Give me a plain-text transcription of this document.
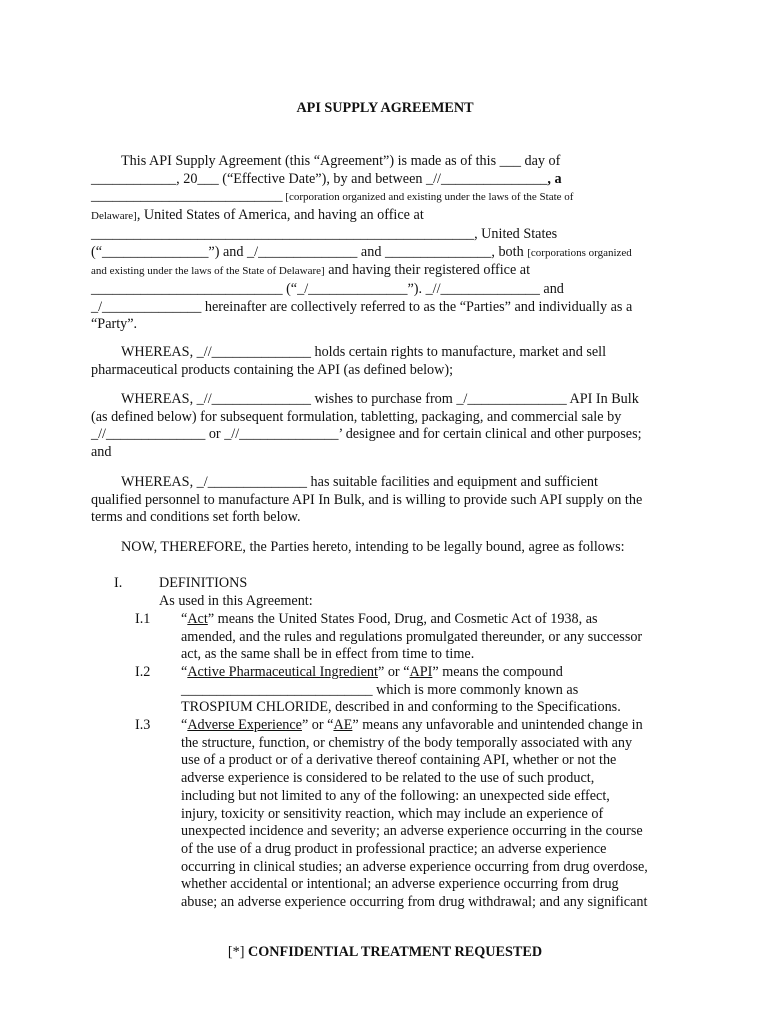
API SUPPLY AGREEMENT
This API Supply Agreement (this “Agreement”) is made as of this ___ day of
____________, 20___ (“Effective Date”), by and between _//_______________, a
___________________________ [corporation organized and existing under the laws of the State of
Delaware], United States of America, and having an office at
______________________________________________________, United States
(“_______________”) and _/______________ and _______________, both [corporations organized
and existing under the laws of the State of Delaware] and having their registered office at
___________________________ (“_/______________”). _//______________ and
_/______________ hereinafter are collectively referred to as the “Parties” and individually as a
“Party”.
WHEREAS, _//______________ holds certain rights to manufacture, market and sell
pharmaceutical products containing the API (as defined below);
WHEREAS, _//______________ wishes to purchase from _/______________ API In Bulk
(as defined below) for subsequent formulation, tabletting, packaging, and commercial sale by
_//______________ or _//______________’ designee and for certain clinical and other purposes;
and
WHEREAS, _/______________ has suitable facilities and equipment and sufficient
qualified personnel to manufacture API In Bulk, and is willing to provide such API supply on the
terms and conditions set forth below.
NOW, THEREFORE, the Parties hereto, intending to be legally bound, agree as follows:
I.	DEFINITIONS
As used in this Agreement:
I.1 “Act” means the United States Food, Drug, and Cosmetic Act of 1938, as
amended, and the rules and regulations promulgated thereunder, or any successor
act, as the same shall be in effect from time to time.
I.2 “Active Pharmaceutical Ingredient” or “API” means the compound
___________________________ which is more commonly known as
TROSPIUM CHLORIDE, described in and conforming to the Specifications.
I.3 “Adverse Experience” or “AE” means any unfavorable and unintended change in
the structure, function, or chemistry of the body temporally associated with any
use of a product or of a derivative thereof containing API, whether or not the
adverse experience is considered to be related to the use of such product,
including but not limited to any of the following: an unexpected side effect,
injury, toxicity or sensitivity reaction, which may include an experience of
unexpected incidence and severity; an adverse experience occurring in the course
of the use of a drug product in professional practice; an adverse experience
occurring in clinical studies; an adverse experience occurring from drug overdose,
whether accidental or intentional; an adverse experience occurring from drug
abuse; an adverse experience occurring from drug withdrawal; and any significant
[*] CONFIDENTIAL TREATMENT REQUESTED
